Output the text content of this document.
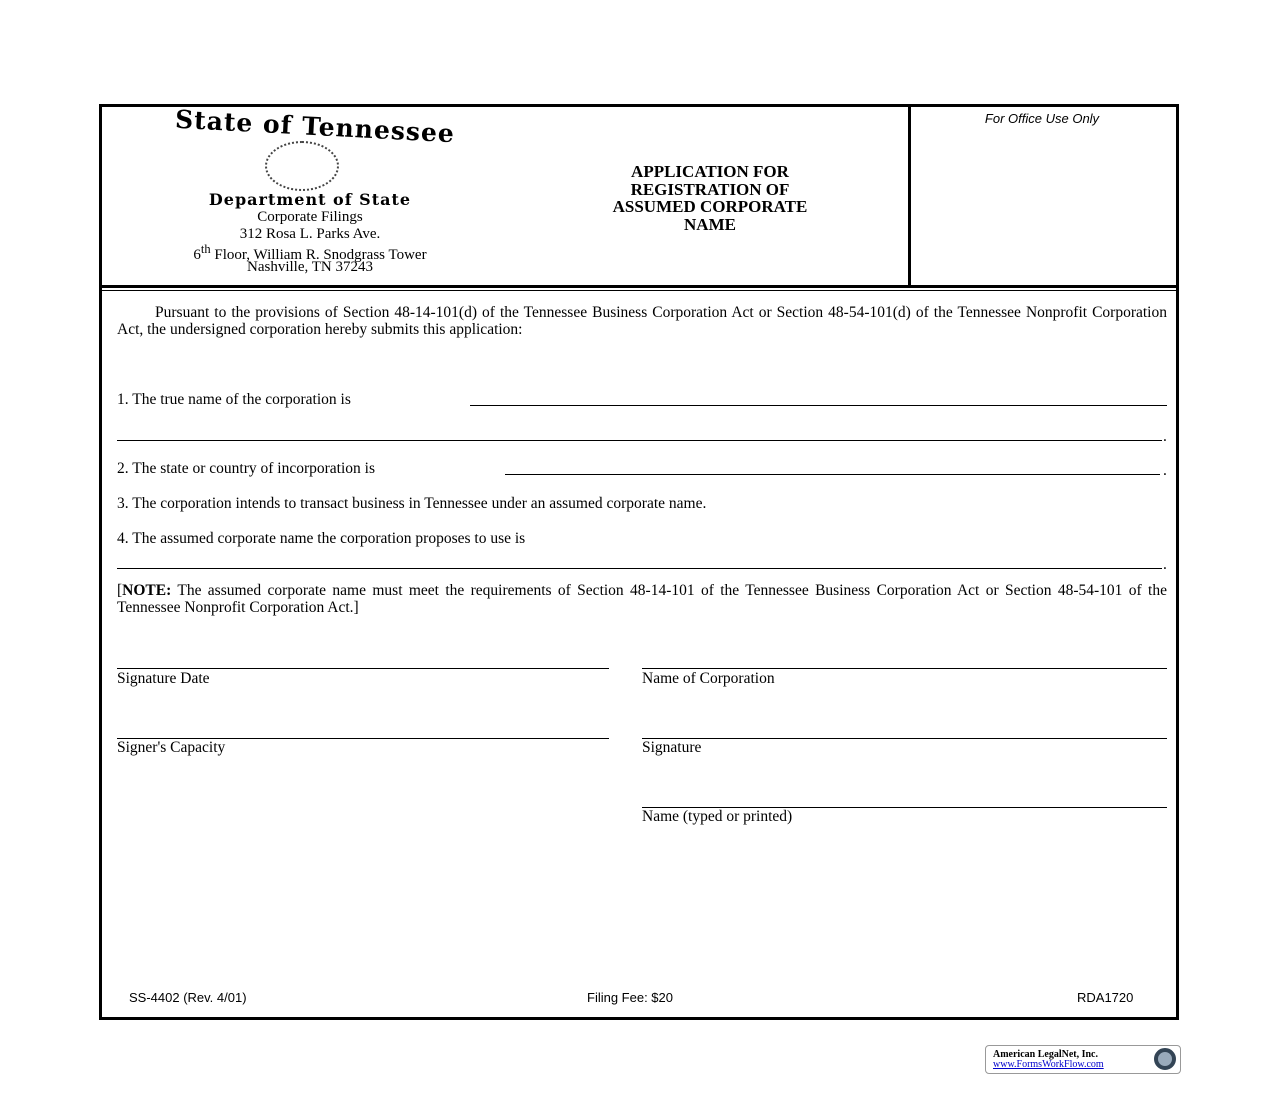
State of Tennessee
Department of State
Corporate Filings
312 Rosa L. Parks Ave.
6th Floor, William R. Snodgrass Tower
Nashville, TN 37243
APPLICATION FOR
REGISTRATION OF
ASSUMED CORPORATE
NAME
For Office Use Only
Pursuant to the provisions of Section 48-14-101(d) of the Tennessee Business Corporation Act or Section 48-54-101(d) of the Tennessee Nonprofit Corporation Act, the undersigned corporation hereby submits this application:
1. The true name of the corporation is
.
2. The state or country of incorporation is	.
3. The corporation intends to transact business in Tennessee under an assumed corporate name.
4. The assumed corporate name the corporation proposes to use is
.
[NOTE: The assumed corporate name must meet the requirements of Section 48-14-101 of the Tennessee Business Corporation Act or Section 48-54-101 of the Tennessee Nonprofit Corporation Act.]
Signature Date	Name of Corporation
Signer's Capacity	Signature
Name (typed or printed)
SS-4402 (Rev. 4/01)	Filing Fee: $20	RDA1720
American LegalNet, Inc.
www.FormsWorkFlow.com
